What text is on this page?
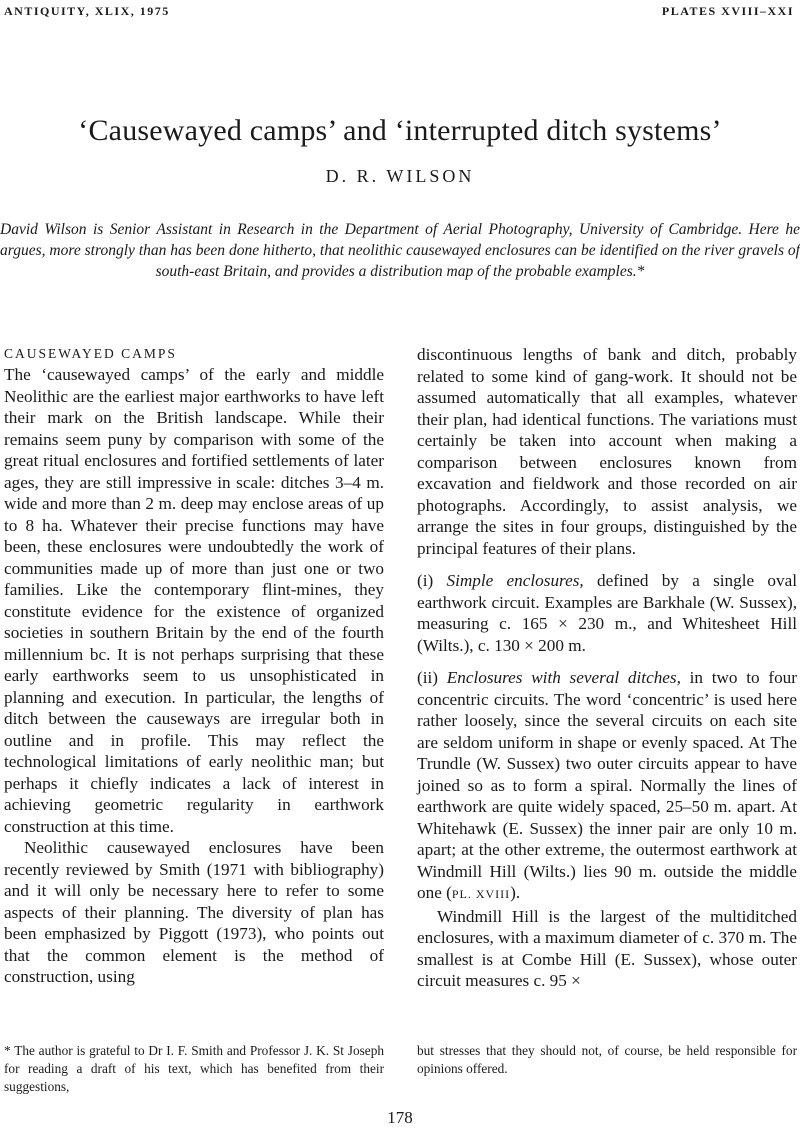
ANTIQUITY, XLIX, 1975	PLATES XVIII–XXI
‘Causewayed camps’ and ‘interrupted ditch systems’
D. R. WILSON

David Wilson is Senior Assistant in Research in the Department of Aerial Photography, University of Cambridge. Here he argues, more strongly than has been done hitherto, that neolithic causewayed enclosures can be identified on the river gravels of south-east Britain, and provides a distribution map of the probable examples.*

CAUSEWAYED CAMPS

The ‘causewayed camps’ of the early and middle Neolithic are the earliest major earthworks to have left their mark on the British landscape. While their remains seem puny by comparison with some of the great ritual enclosures and fortified settlements of later ages, they are still impressive in scale: ditches 3–4 m. wide and more than 2 m. deep may enclose areas of up to 8 ha. Whatever their precise functions may have been, these enclosures were undoubtedly the work of communities made up of more than just one or two families. Like the contemporary flint-mines, they constitute evidence for the existence of organized societies in southern Britain by the end of the fourth millennium bc. It is not perhaps surprising that these early earthworks seem to us unsophisticated in planning and execution. In particular, the lengths of ditch between the causeways are irregular both in outline and in profile. This may reflect the technological limitations of early neolithic man; but perhaps it chiefly indicates a lack of interest in achieving geometric regularity in earthwork construction at this time.

Neolithic causewayed enclosures have been recently reviewed by Smith (1971 with bibliography) and it will only be necessary here to refer to some aspects of their planning. The diversity of plan has been emphasized by Piggott (1973), who points out that the common element is the method of construction, using

discontinuous lengths of bank and ditch, probably related to some kind of gang-work. It should not be assumed automatically that all examples, whatever their plan, had identical functions. The variations must certainly be taken into account when making a comparison between enclosures known from excavation and fieldwork and those recorded on air photographs. Accordingly, to assist analysis, we arrange the sites in four groups, distinguished by the principal features of their plans.

(i) Simple enclosures, defined by a single oval earthwork circuit. Examples are Barkhale (W. Sussex), measuring c. 165 × 230 m., and Whitesheet Hill (Wilts.), c. 130 × 200 m.

(ii) Enclosures with several ditches, in two to four concentric circuits. The word ‘concentric’ is used here rather loosely, since the several circuits on each site are seldom uniform in shape or evenly spaced. At The Trundle (W. Sussex) two outer circuits appear to have joined so as to form a spiral. Normally the lines of earthwork are quite widely spaced, 25–50 m. apart. At Whitehawk (E. Sussex) the inner pair are only 10 m. apart; at the other extreme, the outermost earthwork at Windmill Hill (Wilts.) lies 90 m. outside the middle one (PL. XVIII).

Windmill Hill is the largest of the multiditched enclosures, with a maximum diameter of c. 370 m. The smallest is at Combe Hill (E. Sussex), whose outer circuit measures c. 95 ×

* The author is grateful to Dr I. F. Smith and Professor J. K. St Joseph for reading a draft of his text, which has benefited from their suggestions,
but stresses that they should not, of course, be held responsible for opinions offered.
178
